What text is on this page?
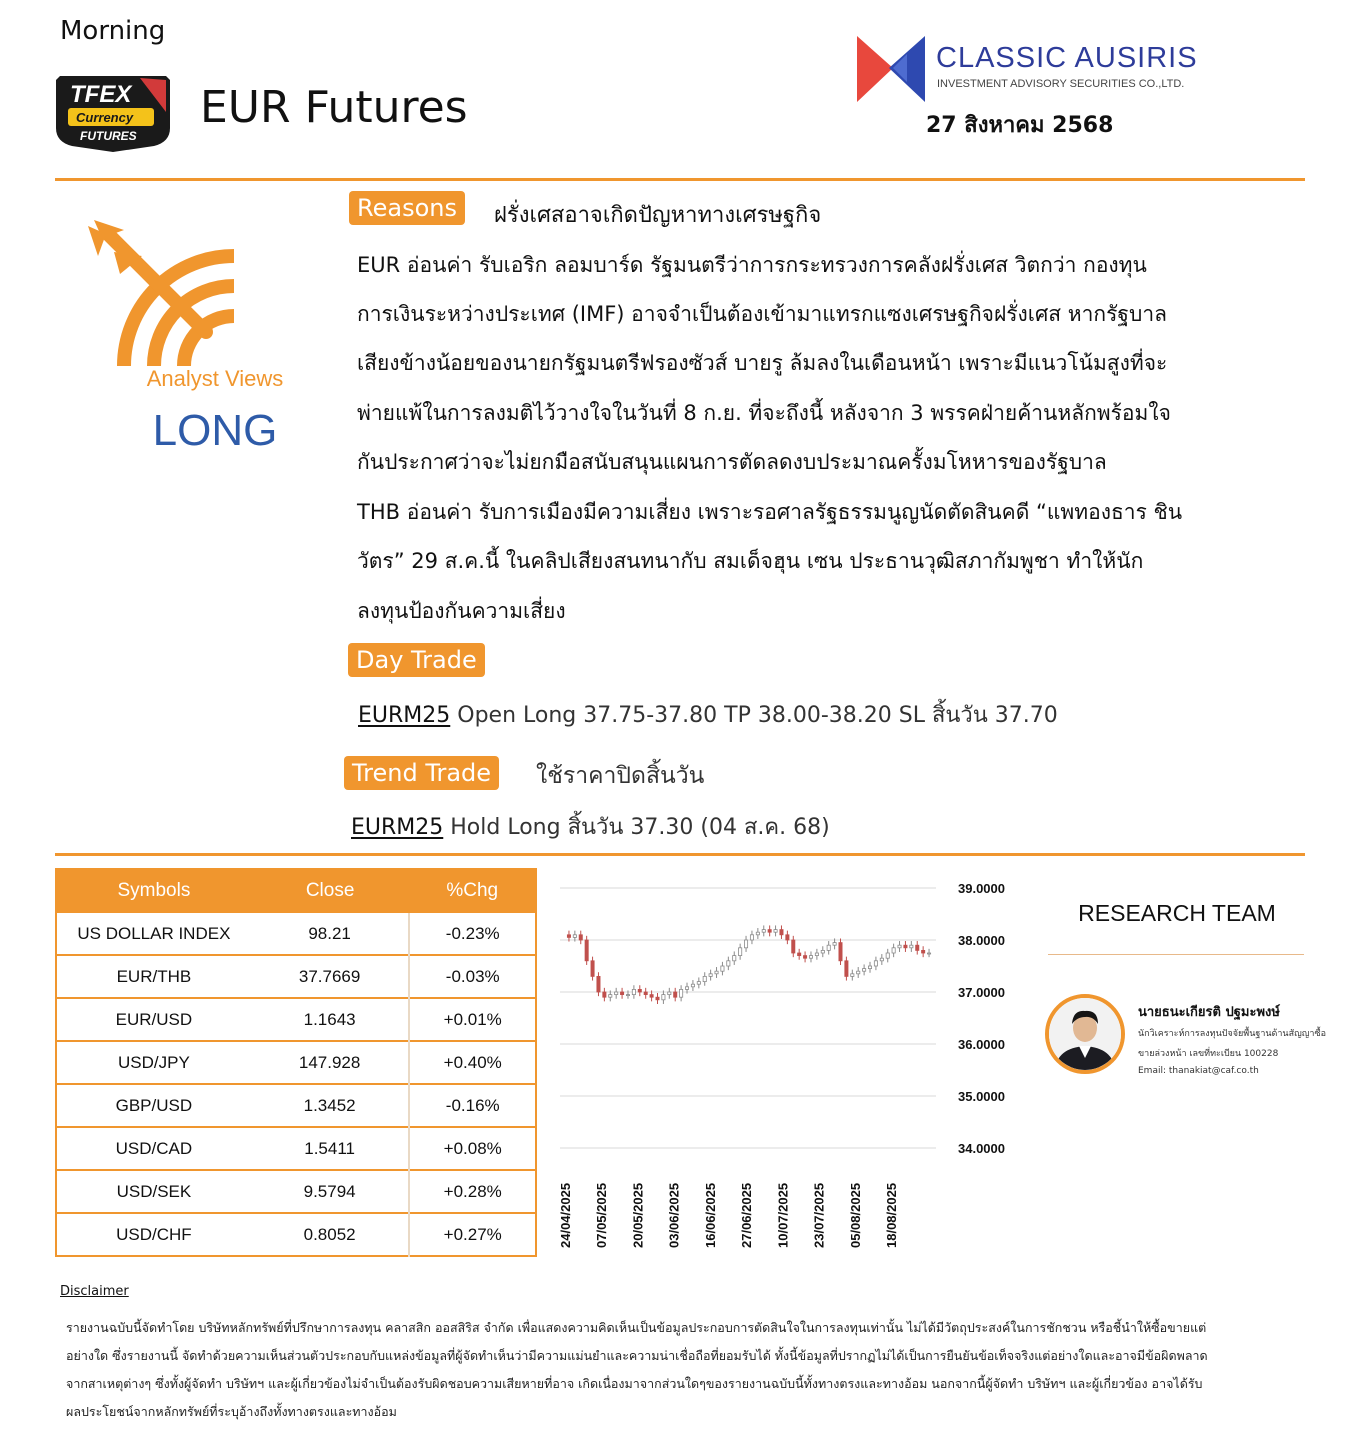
Morning
TFEX
Currency
FUTURES
EUR Futures
CLASSIC AUSIRIS
INVESTMENT ADVISORY SECURITIES CO.,LTD.
27 สิงหาคม 2568
Analyst Views
LONG
Reasons	ฝรั่งเศสอาจเกิดปัญหาทางเศรษฐกิจ
EUR อ่อนค่า รับเอริก ลอมบาร์ด รัฐมนตรีว่าการกระทรวงการคลังฝรั่งเศส วิตกว่า กองทุน
การเงินระหว่างประเทศ (IMF) อาจจำเป็นต้องเข้ามาแทรกแซงเศรษฐกิจฝรั่งเศส หากรัฐบาล
เสียงข้างน้อยของนายกรัฐมนตรีฟรองซัวส์ บายรู ล้มลงในเดือนหน้า เพราะมีแนวโน้มสูงที่จะ
พ่ายแพ้ในการลงมติไว้วางใจในวันที่ 8 ก.ย. ที่จะถึงนี้ หลังจาก 3 พรรคฝ่ายค้านหลักพร้อมใจ
กันประกาศว่าจะไม่ยกมือสนับสนุนแผนการตัดลดงบประมาณครั้งมโหหารของรัฐบาล
THB อ่อนค่า รับการเมืองมีความเสี่ยง เพราะรอศาลรัฐธรรมนูญนัดตัดสินคดี “แพทองธาร ชิน
วัตร” 29 ส.ค.นี้ ในคลิปเสียงสนทนากับ สมเด็จฮุน เซน ประธานวุฒิสภากัมพูชา ทำให้นัก
ลงทุนป้องกันความเสี่ยง
Day Trade
EURM25 Open Long 37.75-37.80 TP 38.00-38.20 SL สิ้นวัน 37.70
Trend Trade	ใช้ราคาปิดสิ้นวัน
EURM25 Hold Long สิ้นวัน 37.30 (04 ส.ค. 68)
Symbols	Close	%Chg
US DOLLAR INDEX	98.21	-0.23%
EUR/THB	37.7669	-0.03%
EUR/USD	1.1643	+0.01%
USD/JPY	147.928	+0.40%
GBP/USD	1.3452	-0.16%
USD/CAD	1.5411	+0.08%
USD/SEK	9.5794	+0.28%
USD/CHF	0.8052	+0.27%
39.0000
38.0000
37.0000
36.0000
35.0000
34.0000
24/04/2025 07/05/2025 20/05/2025 03/06/2025 16/06/2025 27/06/2025 10/07/2025 23/07/2025 05/08/2025 18/08/2025
RESEARCH TEAM
นายธนะเกียรติ ปฐมะพงษ์
นักวิเคราะห์การลงทุนปัจจัยพื้นฐานด้านสัญญาซื้อ
ขายล่วงหน้า เลขที่ทะเบียน 100228
Email: thanakiat@caf.co.th
Disclaimer
รายงานฉบับนี้จัดทำโดย บริษัทหลักทรัพย์ที่ปรึกษาการลงทุน คลาสสิก ออสสิริส จำกัด เพื่อแสดงความคิดเห็นเป็นข้อมูลประกอบการตัดสินใจในการลงทุนเท่านั้น ไม่ได้มีวัตถุประสงค์ในการชักชวน หรือชี้นำให้ซื้อขายแต่
อย่างใด ซึ่งรายงานนี้ จัดทำด้วยความเห็นส่วนตัวประกอบกับแหล่งข้อมูลที่ผู้จัดทำเห็นว่ามีความแม่นยำและความน่าเชื่อถือที่ยอมรับได้ ทั้งนี้ข้อมูลที่ปรากฏไม่ได้เป็นการยืนยันข้อเท็จจริงแต่อย่างใดและอาจมีข้อผิดพลาด
จากสาเหตุต่างๆ ซึ่งทั้งผู้จัดทำ บริษัทฯ และผู้เกี่ยวข้องไม่จำเป็นต้องรับผิดชอบความเสียหายที่อาจ เกิดเนื่องมาจากส่วนใดๆของรายงานฉบับนี้ทั้งทางตรงและทางอ้อม นอกจากนี้ผู้จัดทำ บริษัทฯ และผู้เกี่ยวข้อง อาจได้รับ
ผลประโยชน์จากหลักทรัพย์ที่ระบุอ้างถึงทั้งทางตรงและทางอ้อม
